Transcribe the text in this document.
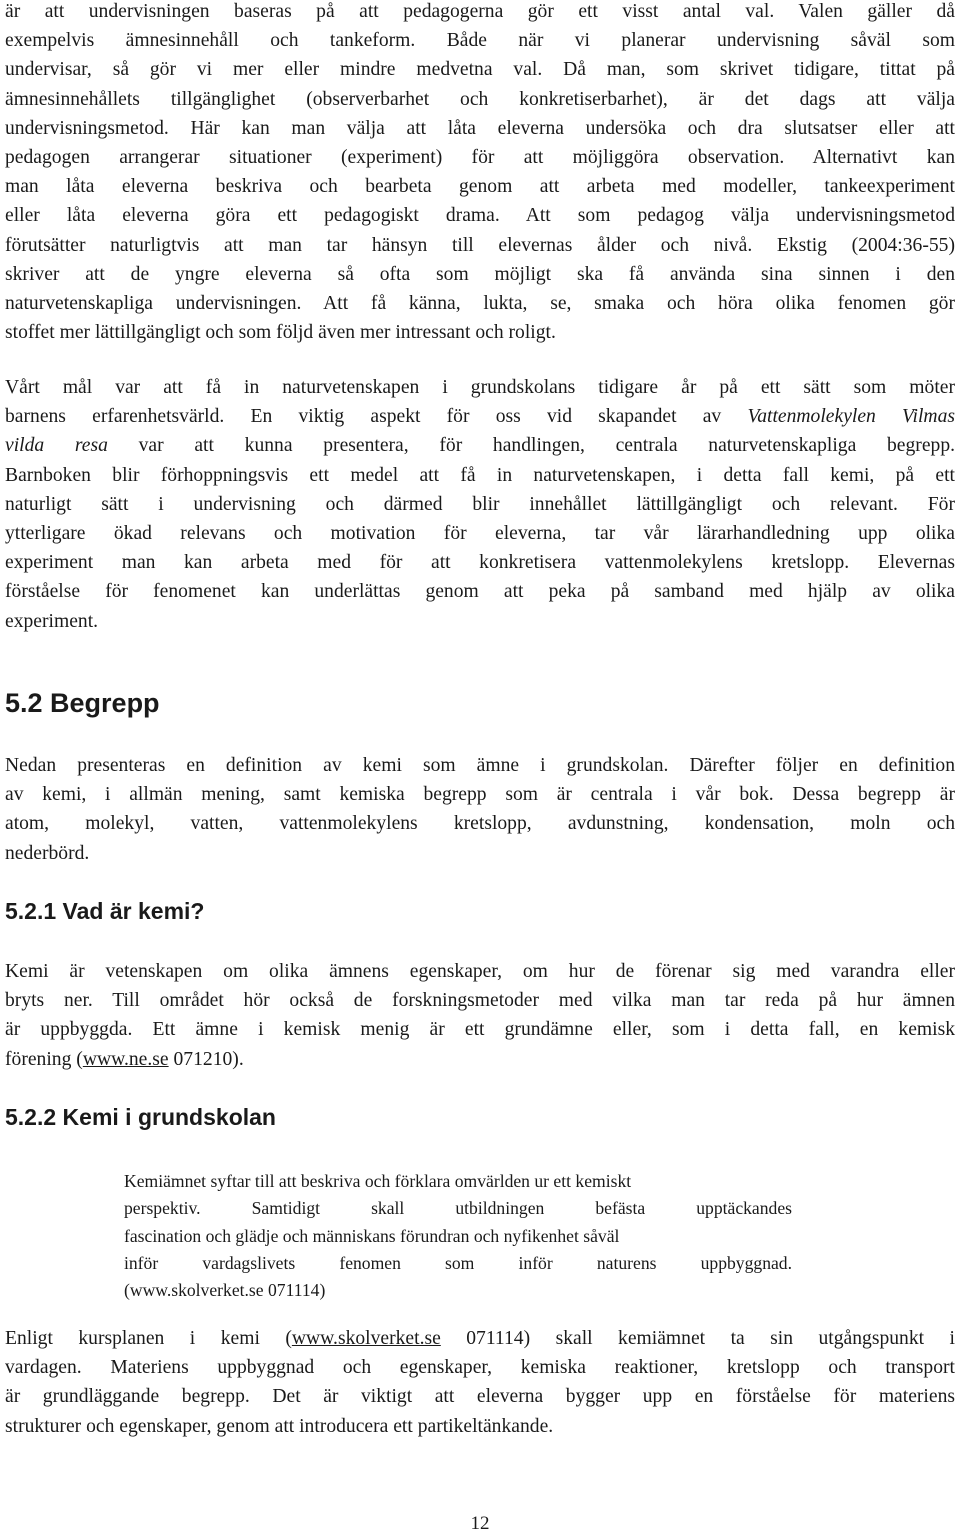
är att undervisningen baseras på att pedagogerna gör ett visst antal val. Valen gäller då
exempelvis ämnesinnehåll och tankeform. Både när vi planerar undervisning såväl som
undervisar, så gör vi mer eller mindre medvetna val. Då man, som skrivet tidigare, tittat på
ämnesinnehållets tillgänglighet (observerbarhet och konkretiserbarhet), är det dags att välja
undervisningsmetod. Här kan man välja att låta eleverna undersöka och dra slutsatser eller att
pedagogen arrangerar situationer (experiment) för att möjliggöra observation. Alternativt kan
man låta eleverna beskriva och bearbeta genom att arbeta med modeller, tankeexperiment
eller låta eleverna göra ett pedagogiskt drama. Att som pedagog välja undervisningsmetod
förutsätter naturligtvis att man tar hänsyn till elevernas ålder och nivå. Ekstig (2004:36-55)
skriver att de yngre eleverna så ofta som möjligt ska få använda sina sinnen i den
naturvetenskapliga undervisningen. Att få känna, lukta, se, smaka och höra olika fenomen gör
stoffet mer lättillgängligt och som följd även mer intressant och roligt.
Vårt mål var att få in naturvetenskapen i grundskolans tidigare år på ett sätt som möter
barnens erfarenhetsvärld. En viktig aspekt för oss vid skapandet av Vattenmolekylen Vilmas
vilda resa var att kunna presentera, för handlingen, centrala naturvetenskapliga begrepp.
Barnboken blir förhoppningsvis ett medel att få in naturvetenskapen, i detta fall kemi, på ett
naturligt sätt i undervisning och därmed blir innehållet lättillgängligt och relevant. För
ytterligare ökad relevans och motivation för eleverna, tar vår lärarhandledning upp olika
experiment man kan arbeta med för att konkretisera vattenmolekylens kretslopp. Elevernas
förståelse för fenomenet kan underlättas genom att peka på samband med hjälp av olika
experiment.
5.2 Begrepp
Nedan presenteras en definition av kemi som ämne i grundskolan. Därefter följer en definition
av kemi, i allmän mening, samt kemiska begrepp som är centrala i vår bok. Dessa begrepp är
atom, molekyl, vatten, vattenmolekylens kretslopp, avdunstning, kondensation, moln och
nederbörd.
5.2.1 Vad är kemi?
Kemi är vetenskapen om olika ämnens egenskaper, om hur de förenar sig med varandra eller
bryts ner. Till området hör också de forskningsmetoder med vilka man tar reda på hur ämnen
är uppbyggda. Ett ämne i kemisk menig är ett grundämne eller, som i detta fall, en kemisk
förening (www.ne.se 071210).
5.2.2 Kemi i grundskolan
Kemiämnet syftar till att beskriva och förklara omvärlden ur ett kemiskt
perspektiv. Samtidigt skall utbildningen befästa upptäckandes
fascination och glädje och människans förundran och nyfikenhet såväl
inför vardagslivets fenomen som inför naturens uppbyggnad.
(www.skolverket.se 071114)
Enligt kursplanen i kemi (www.skolverket.se 071114) skall kemiämnet ta sin utgångspunkt i
vardagen. Materiens uppbyggnad och egenskaper, kemiska reaktioner, kretslopp och transport
är grundläggande begrepp. Det är viktigt att eleverna bygger upp en förståelse för materiens
strukturer och egenskaper, genom att introducera ett partikeltänkande.
12
